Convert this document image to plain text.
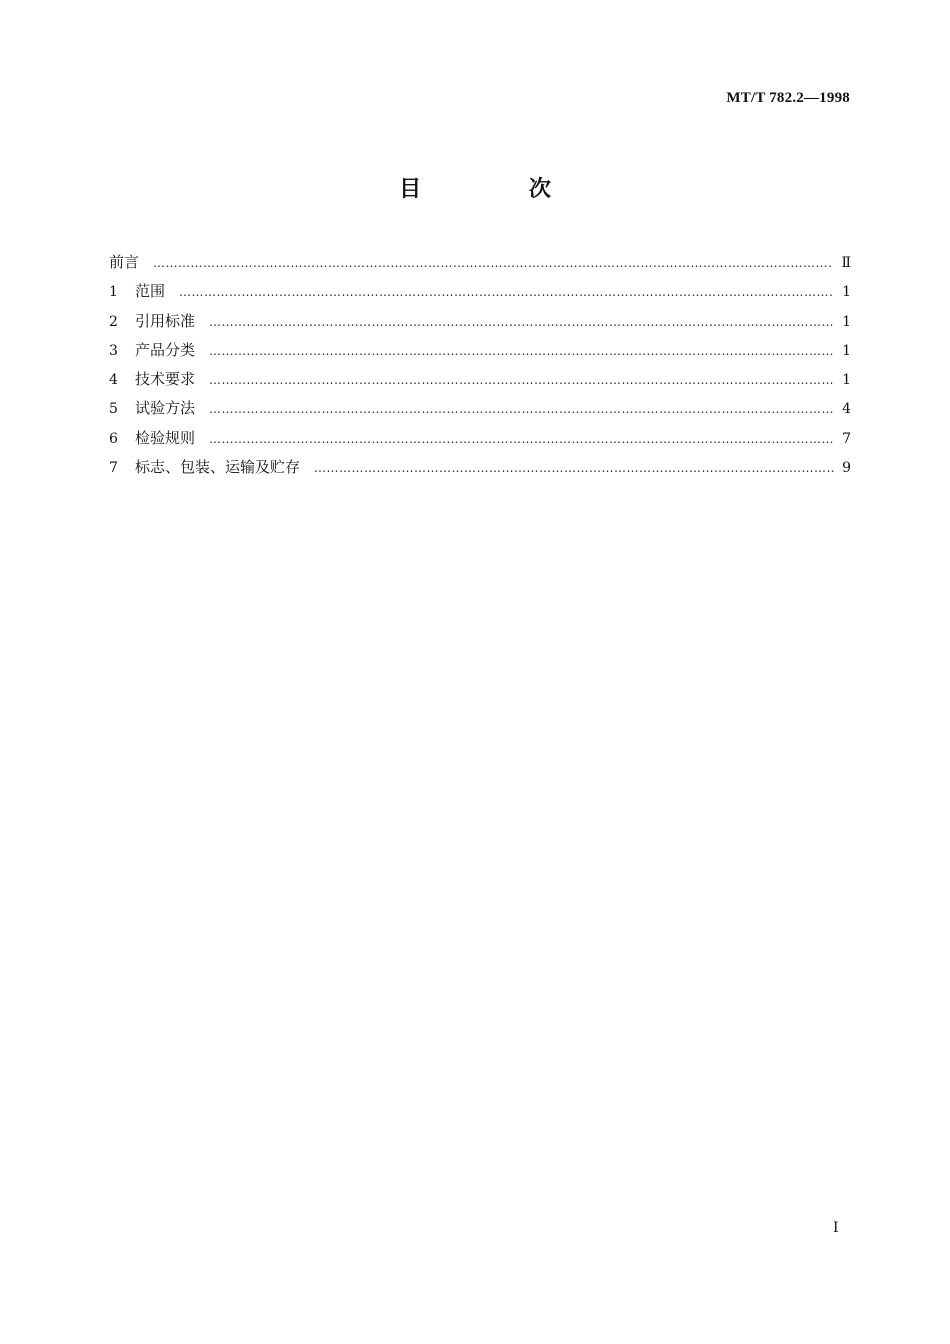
MT/T 782.2—1998
目 次
前言 …………………………………………………………………………………………………………………………………………………………………………………………………………………………………………………………………	Ⅱ
1	范围 …………………………………………………………………………………………………………………………………………………………………………………………………………………………………………………………………	1
2	引用标准 …………………………………………………………………………………………………………………………………………………………………………………………………………………………………………………………………	1
3	产品分类 …………………………………………………………………………………………………………………………………………………………………………………………………………………………………………………………………	1
4	技术要求 …………………………………………………………………………………………………………………………………………………………………………………………………………………………………………………………………	1
5	试验方法 …………………………………………………………………………………………………………………………………………………………………………………………………………………………………………………………………	4
6	检验规则 …………………………………………………………………………………………………………………………………………………………………………………………………………………………………………………………………	7
7	标志、包装、运输及贮存 …………………………………………………………………………………………………………………………………………………………………………………………………………………………………………………………………	9
Ⅰ
